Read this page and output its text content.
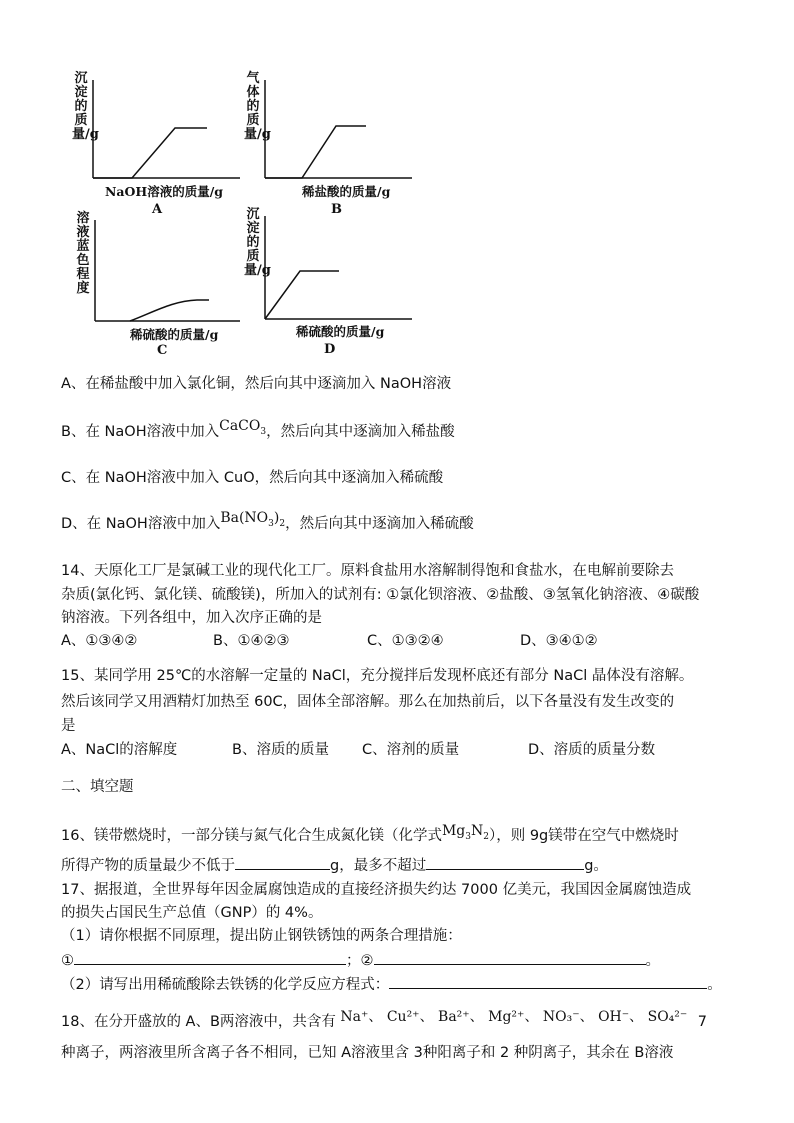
沉淀的质量/g
NaOH溶液的质量/g
A
气体的质量/g
稀盐酸的质量/g
B
溶液蓝色程度
稀硫酸的质量/g
C
沉淀的质量/g
稀硫酸的质量/g
D
A、在稀盐酸中加入氯化铜，然后向其中逐滴加入 NaOH溶液
B、在 NaOH溶液中加入CaCO$_3$，然后向其中逐滴加入稀盐酸
C、在 NaOH溶液中加入 CuO，然后向其中逐滴加入稀硫酸
D、在 NaOH溶液中加入$Ba(NO_3)_2$，然后向其中逐滴加入稀硫酸
14、天原化工厂是氯碱工业的现代化工厂。原料食盐用水溶解制得饱和食盐水，在电解前要除去
杂质(氯化钙、氯化镁、硫酸镁)，所加入的试剂有: ①氯化钡溶液、②盐酸、③氢氧化钠溶液、④碳酸
钠溶液。下列各组中，加入次序正确的是
A、①③④②	B、①④②③	C、①③②④	D、③④①②
15、某同学用 25℃的水溶解一定量的 NaCl，充分搅拌后发现杯底还有部分 NaCl 晶体没有溶解。
然后该同学又用酒精灯加热至 60C，固体全部溶解。那么在加热前后，以下各量没有发生改变的
是
A、NaCl的溶解度	B、溶质的质量 C、溶剂的质量	D、溶质的质量分数
二、填空题
16、镁带燃烧时，一部分镁与氮气化合生成氮化镁（化学式$Mg_3N_2$），则 9g镁带在空气中燃烧时
所得产物的质量最少不低于	g，最多不超过	g。
17、据报道，全世界每年因金属腐蚀造成的直接经济损失约达 7000 亿美元，我国因金属腐蚀造成
的损失占国民生产总值（GNP）的 4%。
（1）请你根据不同原理，提出防止钢铁锈蚀的两条合理措施：
①	；②	。
（2）请写出用稀硫酸除去铁锈的化学反应方程式：	。
18、在分开盛放的 A、B两溶液中，共含有 Na⁺、 Cu²⁺、 Ba²⁺、 Mg²⁺、 NO₃⁻、 OH⁻、 SO₄²⁻ 7
种离子，两溶液里所含离子各不相同，已知 A溶液里含 3种阳离子和 2 种阴离子，其余在 B溶液
